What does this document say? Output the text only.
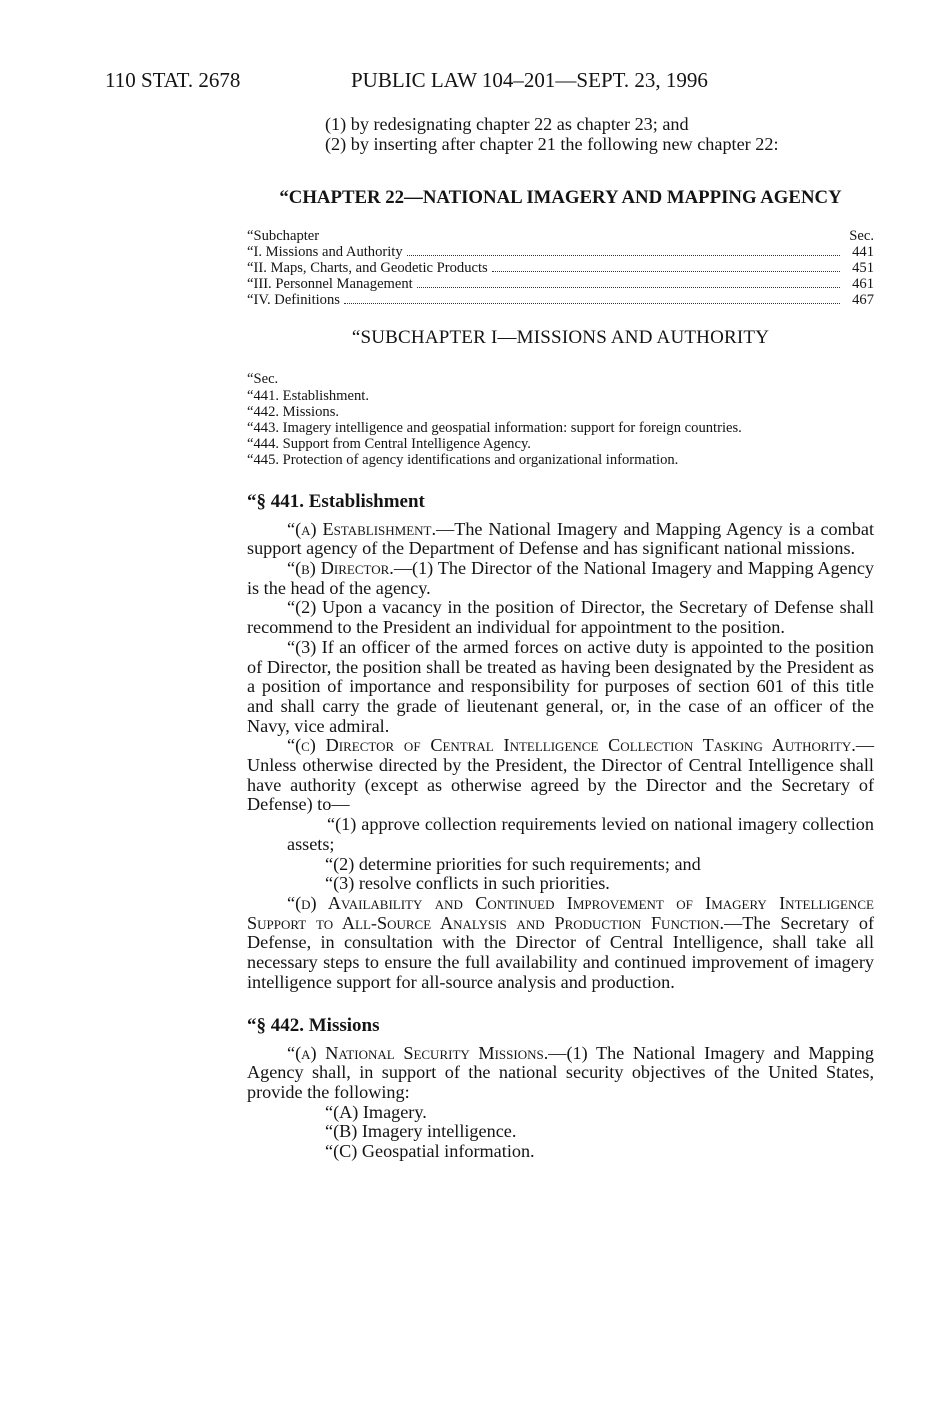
110 STAT. 2678	PUBLIC LAW 104–201—SEPT. 23, 1996

(1) by redesignating chapter 22 as chapter 23; and

(2) by inserting after chapter 21 the following new chapter 22:

“CHAPTER 22—NATIONAL IMAGERY AND MAPPING AGENCY
“Subchapter	Sec.
“I. Missions and Authority	441
“II. Maps, Charts, and Geodetic Products	451
“III. Personnel Management	461
“IV. Definitions	467
“SUBCHAPTER I—MISSIONS AND AUTHORITY
“Sec.
“441. Establishment.
“442. Missions.
“443. Imagery intelligence and geospatial information: support for foreign countries.
“444. Support from Central Intelligence Agency.
“445. Protection of agency identifications and organizational information.
“§ 441. Establishment

“(a) Establishment.—The National Imagery and Mapping Agency is a combat support agency of the Department of Defense and has significant national missions.

“(b) Director.—(1) The Director of the National Imagery and Mapping Agency is the head of the agency.

“(2) Upon a vacancy in the position of Director, the Secretary of Defense shall recommend to the President an individual for appointment to the position.

“(3) If an officer of the armed forces on active duty is appointed to the position of Director, the position shall be treated as having been designated by the President as a position of importance and responsibility for purposes of section 601 of this title and shall carry the grade of lieutenant general, or, in the case of an officer of the Navy, vice admiral.

“(c) Director of Central Intelligence Collection Tasking Authority.—Unless otherwise directed by the President, the Director of Central Intelligence shall have authority (except as otherwise agreed by the Director and the Secretary of Defense) to—

“(1) approve collection requirements levied on national imagery collection assets;

“(2) determine priorities for such requirements; and

“(3) resolve conflicts in such priorities.

“(d) Availability and Continued Improvement of Imagery Intelligence Support to All-Source Analysis and Production Function.—The Secretary of Defense, in consultation with the Director of Central Intelligence, shall take all necessary steps to ensure the full availability and continued improvement of imagery intelligence support for all-source analysis and production.

“§ 442. Missions

“(a) National Security Missions.—(1) The National Imagery and Mapping Agency shall, in support of the national security objectives of the United States, provide the following:

“(A) Imagery.

“(B) Imagery intelligence.

“(C) Geospatial information.
